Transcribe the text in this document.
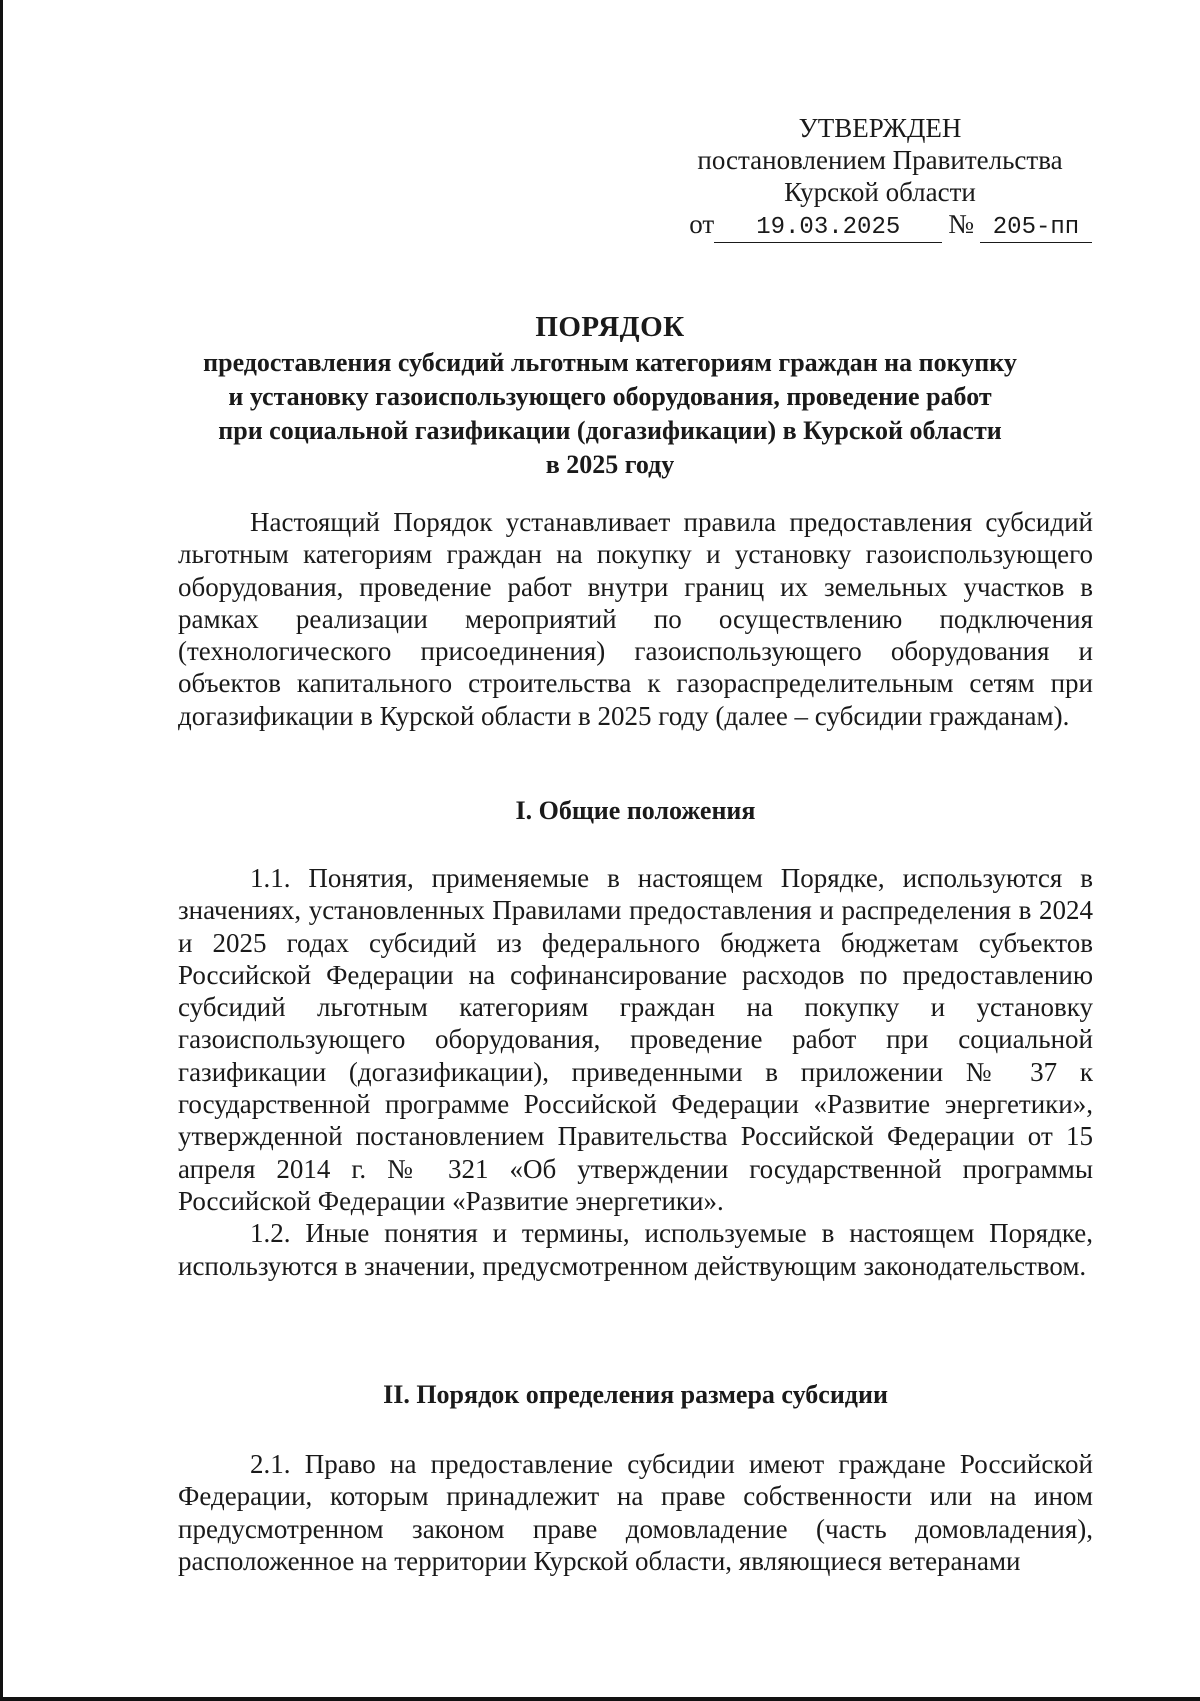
УТВЕРЖДЕН
постановлением Правительства
Курской области
от 19.03.2025 № 205-пп
ПОРЯДОК
предоставления субсидий льготным категориям граждан на покупку
и установку газоиспользующего оборудования, проведение работ
при социальной газификации (догазификации) в Курской области
в 2025 году

Настоящий Порядок устанавливает правила предоставления субсидий льготным категориям граждан на покупку и установку газоиспользующего оборудования, проведение работ внутри границ их земельных участков в рамках реализации мероприятий по осуществлению подключения (технологического присоединения) газоиспользующего оборудования и объектов капитального строительства к газораспределительным сетям при догазификации в Курской области в 2025 году (далее – субсидии гражданам).

I. Общие положения

1.1. Понятия, применяемые в настоящем Порядке, используются в значениях, установленных Правилами предоставления и распределения в 2024 и 2025 годах субсидий из федерального бюджета бюджетам субъектов Российской Федерации на софинансирование расходов по предоставлению субсидий льготным категориям граждан на покупку и установку газоиспользующего оборудования, проведение работ при социальной газификации (догазификации), приведенными в приложении № 37 к государственной программе Российской Федерации «Развитие энергетики», утвержденной постановлением Правительства Российской Федерации от 15 апреля 2014 г. № 321 «Об утверждении государственной программы Российской Федерации «Развитие энергетики».

1.2. Иные понятия и термины, используемые в настоящем Порядке, используются в значении, предусмотренном действующим законодательством.

II. Порядок определения размера субсидии

2.1. Право на предоставление субсидии имеют граждане Российской Федерации, которым принадлежит на праве собственности или на ином предусмотренном законом праве домовладение (часть домовладения), расположенное на территории Курской области, являющиеся ветеранами
